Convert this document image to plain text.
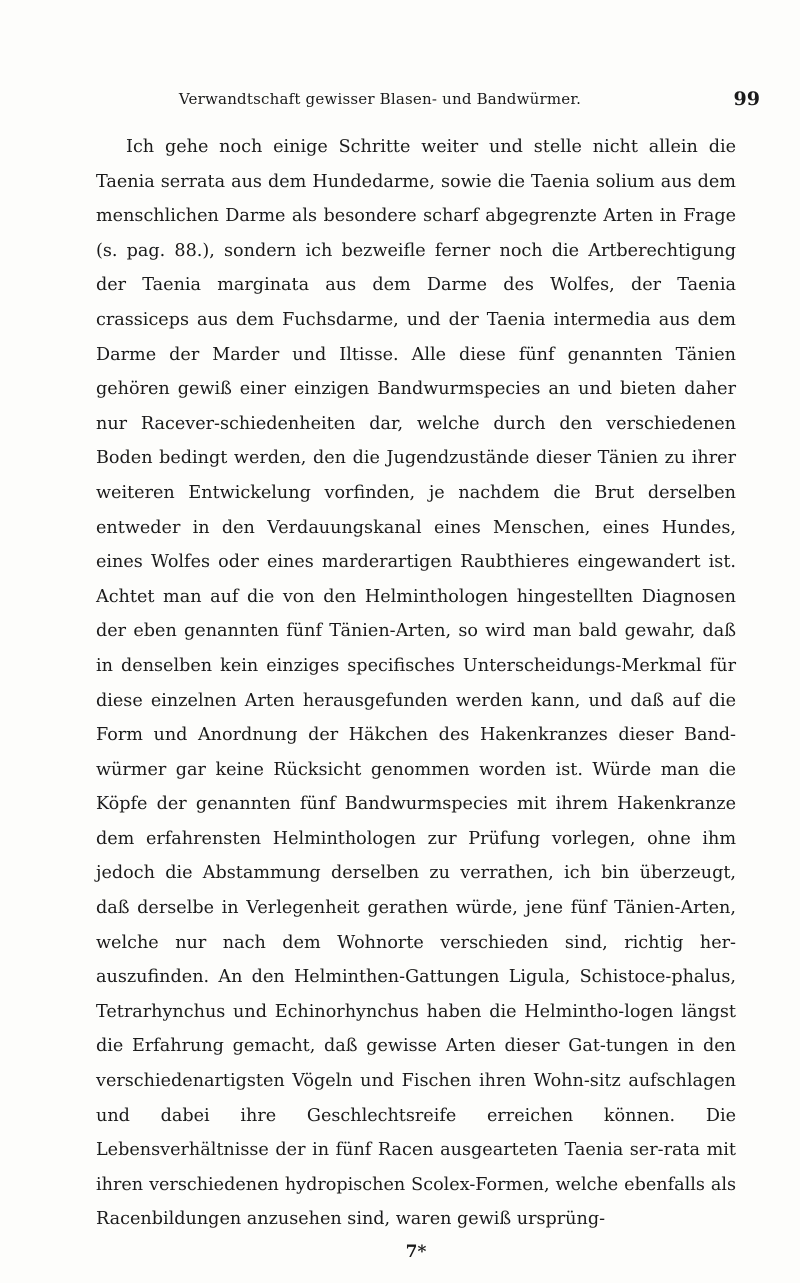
Verwandtschaft gewisser Blasen- und Bandwürmer.	99

Ich gehe noch einige Schritte weiter und stelle nicht allein die Taenia serrata aus dem Hundedarme, sowie die Taenia solium aus dem menschlichen Darme als besondere scharf abgegrenzte Arten in Frage (s. pag. 88.), sondern ich bezweifle ferner noch die Artberechtigung der Taenia marginata aus dem Darme des Wolfes, der Taenia crassiceps aus dem Fuchsdarme, und der Taenia intermedia aus dem Darme der Marder und Iltisse. Alle diese fünf genannten Tänien gehören gewiß einer einzigen Bandwurmspecies an und bieten daher nur Racever-schiedenheiten dar, welche durch den verschiedenen Boden bedingt werden, den die Jugendzustände dieser Tänien zu ihrer weiteren Entwickelung vorfinden, je nachdem die Brut derselben entweder in den Verdauungskanal eines Menschen, eines Hundes, eines Wolfes oder eines marderartigen Raubthieres eingewandert ist. Achtet man auf die von den Helminthologen hingestellten Diagnosen der eben genannten fünf Tänien-Arten, so wird man bald gewahr, daß in denselben kein einziges specifisches Unterscheidungs-Merkmal für diese einzelnen Arten herausgefunden werden kann, und daß auf die Form und Anordnung der Häkchen des Hakenkranzes dieser Band-würmer gar keine Rücksicht genommen worden ist. Würde man die Köpfe der genannten fünf Bandwurmspecies mit ihrem Hakenkranze dem erfahrensten Helminthologen zur Prüfung vorlegen, ohne ihm jedoch die Abstammung derselben zu verrathen, ich bin überzeugt, daß derselbe in Verlegenheit gerathen würde, jene fünf Tänien-Arten, welche nur nach dem Wohnorte verschieden sind, richtig her-auszufinden. An den Helminthen-Gattungen Ligula, Schistoce-phalus, Tetrarhynchus und Echinorhynchus haben die Helmintho-logen längst die Erfahrung gemacht, daß gewisse Arten dieser Gat-tungen in den verschiedenartigsten Vögeln und Fischen ihren Wohn-sitz aufschlagen und dabei ihre Geschlechtsreife erreichen können. Die Lebensverhältnisse der in fünf Racen ausgearteten Taenia ser-rata mit ihren verschiedenen hydropischen Scolex-Formen, welche ebenfalls als Racenbildungen anzusehen sind, waren gewiß ursprüng-

7*
